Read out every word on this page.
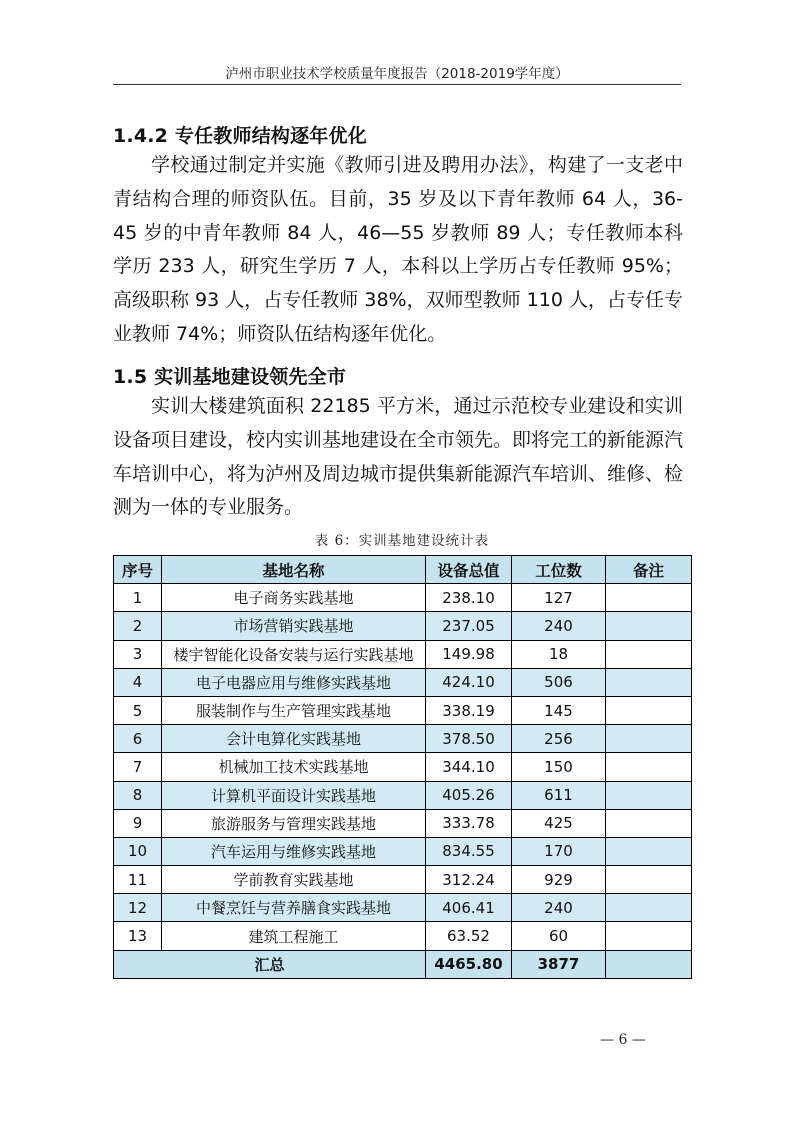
泸州市职业技术学校质量年度报告（2018-2019学年度）
1.4.2 专任教师结构逐年优化

学校通过制定并实施《教师引进及聘用办法》，构建了一支老中青结构合理的师资队伍。目前，35 岁及以下青年教师 64 人，36-45 岁的中青年教师 84 人，46—55 岁教师 89 人；专任教师本科学历 233 人，研究生学历 7 人，本科以上学历占专任教师 95%；高级职称 93 人，占专任教师 38%，双师型教师 110 人，占专任专业教师 74%；师资队伍结构逐年优化。

1.5 实训基地建设领先全市

实训大楼建筑面积 22185 平方米，通过示范校专业建设和实训设备项目建设，校内实训基地建设在全市领先。即将完工的新能源汽车培训中心，将为泸州及周边城市提供集新能源汽车培训、维修、检测为一体的专业服务。

表 6：实训基地建设统计表
序号	基地名称	设备总值	工位数	备注
1	电子商务实践基地	238.10	127	
2	市场营销实践基地	237.05	240	
3	楼宇智能化设备安装与运行实践基地	149.98	18	
4	电子电器应用与维修实践基地	424.10	506	
5	服装制作与生产管理实践基地	338.19	145	
6	会计电算化实践基地	378.50	256	
7	机械加工技术实践基地	344.10	150	
8	计算机平面设计实践基地	405.26	611	
9	旅游服务与管理实践基地	333.78	425	
10	汽车运用与维修实践基地	834.55	170	
11	学前教育实践基地	312.24	929	
12	中餐烹饪与营养膳食实践基地	406.41	240	
13	建筑工程施工	63.52	60	
汇总		4465.80	3877	
— 6 —
